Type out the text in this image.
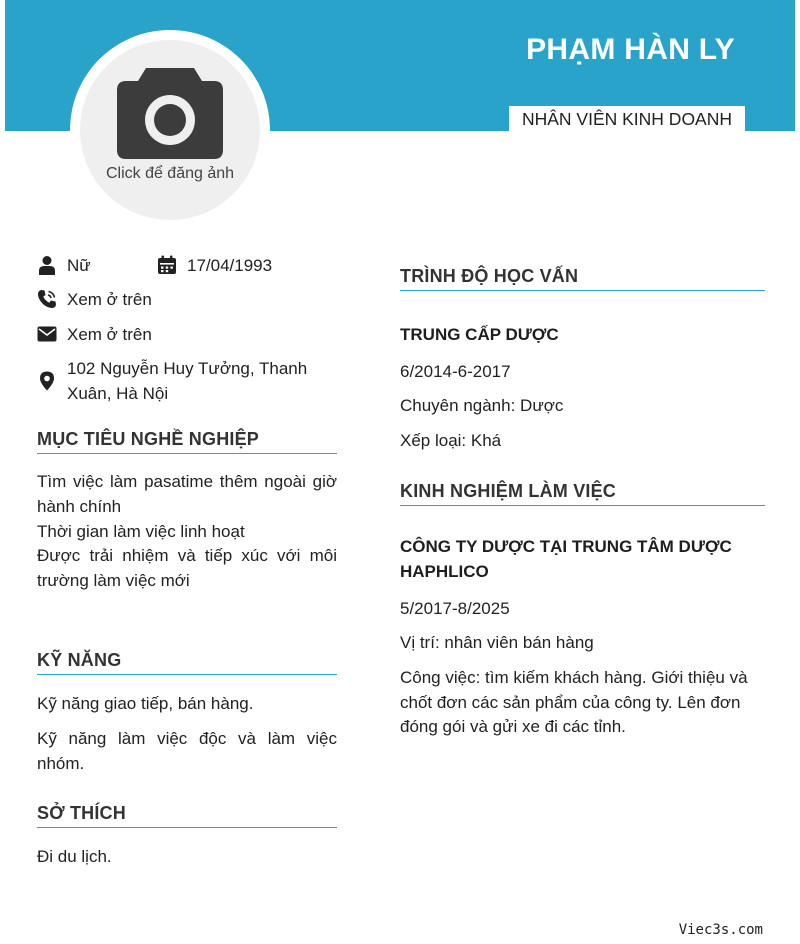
PHẠM HÀN LY
NHÂN VIÊN KINH DOANH
Click để đăng ảnh
Nữ	17/04/1993
Xem ở trên
Xem ở trên
102 Nguyễn Huy Tưởng, Thanh
Xuân, Hà Nội
MỤC TIÊU NGHỀ NGHIỆP
Tìm việc làm pasatime thêm ngoài giờ hành chính
Thời gian làm việc linh hoạt
Được trải nhiệm và tiếp xúc với môi trường làm việc mới
KỸ NĂNG
Kỹ năng giao tiếp, bán hàng.
Kỹ năng làm việc độc và làm việc nhóm.
SỞ THÍCH
Đi du lịch.
TRÌNH ĐỘ HỌC VẤN
TRUNG CẤP DƯỢC
6/2014-6-2017
Chuyên ngành: Dược
Xếp loại: Khá
KINH NGHIỆM LÀM VIỆC
CÔNG TY DƯỢC TẠI TRUNG TÂM DƯỢC HAPHLICO
5/2017-8/2025
Vị trí: nhân viên bán hàng
Công việc: tìm kiếm khách hàng. Giới thiệu và chốt đơn các sản phẩm của công ty. Lên đơn đóng gói và gửi xe đi các tỉnh.
Viec3s.com
